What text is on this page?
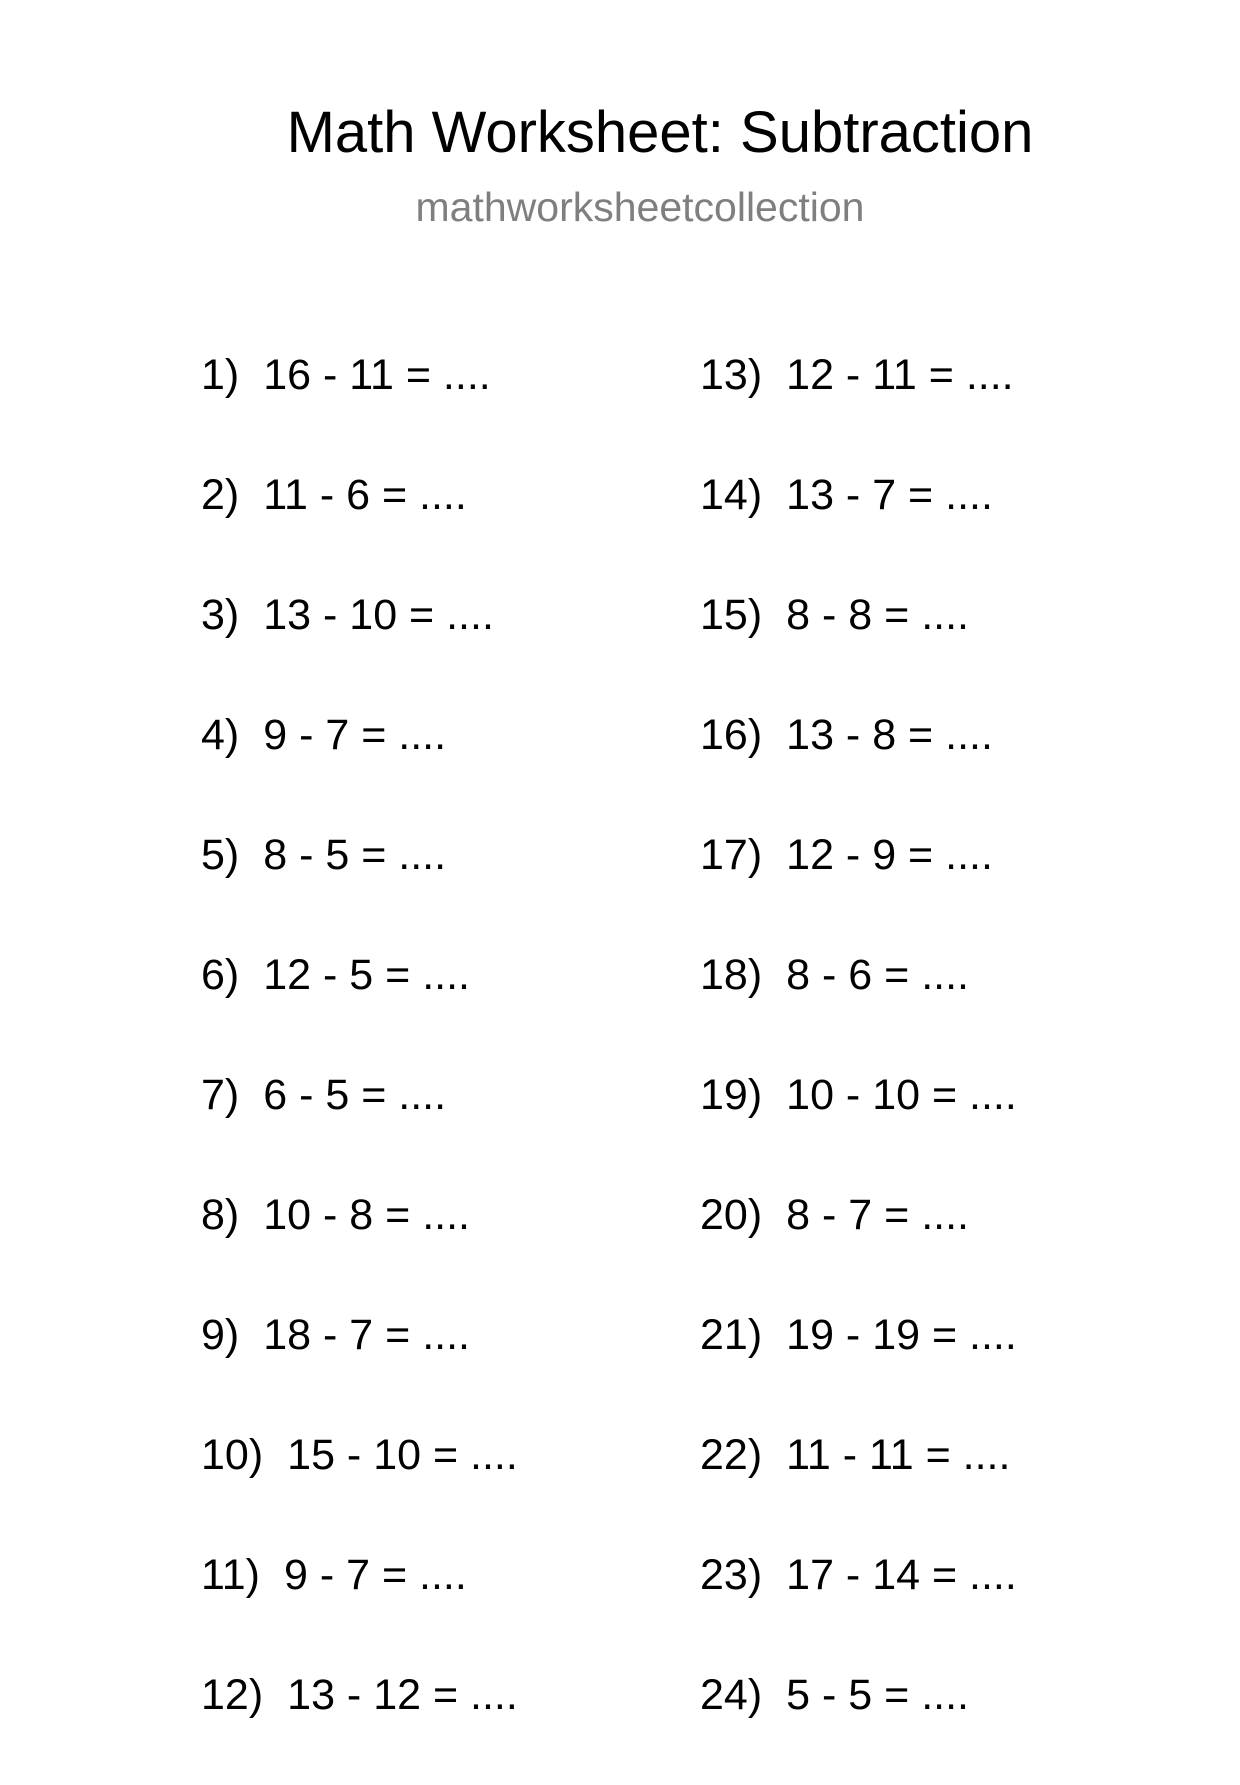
Math Worksheet: Subtraction
mathworksheetcollection
1) 16 - 11 = ....
2) 11 - 6 = ....
3) 13 - 10 = ....
4) 9 - 7 = ....
5) 8 - 5 = ....
6) 12 - 5 = ....
7) 6 - 5 = ....
8) 10 - 8 = ....
9) 18 - 7 = ....
10) 15 - 10 = ....
11) 9 - 7 = ....
12) 13 - 12 = ....
13) 12 - 11 = ....
14) 13 - 7 = ....
15) 8 - 8 = ....
16) 13 - 8 = ....
17) 12 - 9 = ....
18) 8 - 6 = ....
19) 10 - 10 = ....
20) 8 - 7 = ....
21) 19 - 19 = ....
22) 11 - 11 = ....
23) 17 - 14 = ....
24) 5 - 5 = ....
